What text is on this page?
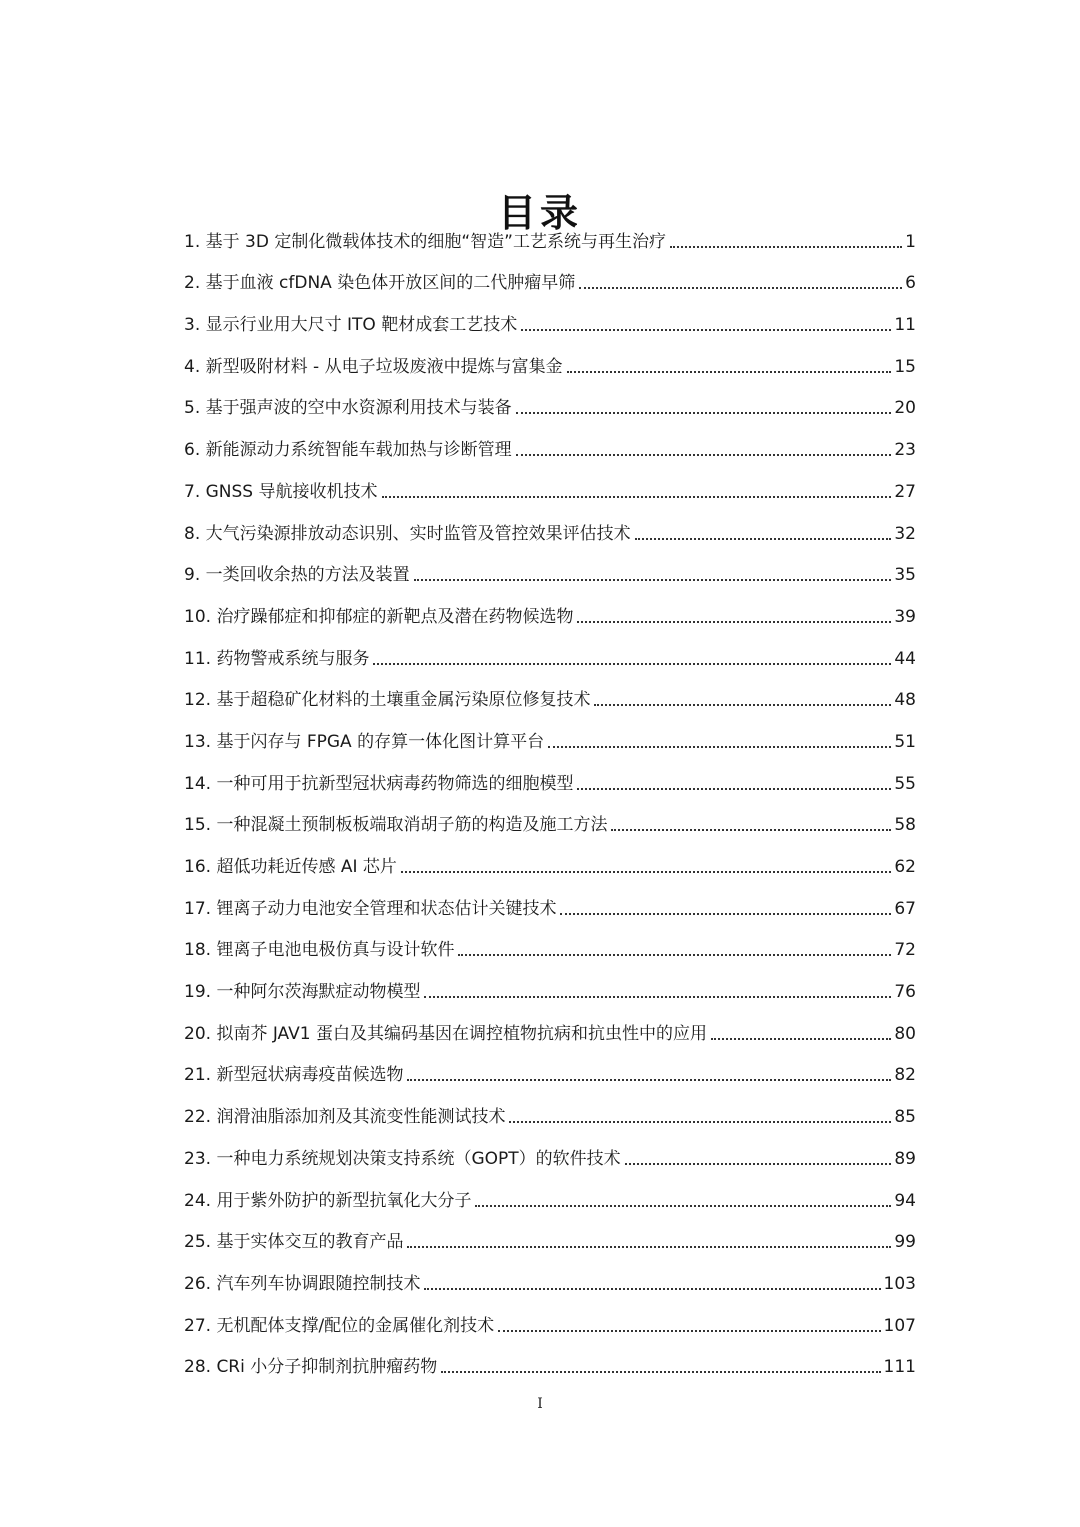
目录
1. 基于 3D 定制化微载体技术的细胞“智造”工艺系统与再生治疗	1
2. 基于血液 cfDNA 染色体开放区间的二代肿瘤早筛	6
3. 显示行业用大尺寸 ITO 靶材成套工艺技术	11
4. 新型吸附材料 - 从电子垃圾废液中提炼与富集金	15
5. 基于强声波的空中水资源利用技术与装备	20
6. 新能源动力系统智能车载加热与诊断管理	23
7. GNSS 导航接收机技术	27
8. 大气污染源排放动态识别、实时监管及管控效果评估技术	32
9. 一类回收余热的方法及装置	35
10. 治疗躁郁症和抑郁症的新靶点及潜在药物候选物	39
11. 药物警戒系统与服务	44
12. 基于超稳矿化材料的土壤重金属污染原位修复技术	48
13. 基于闪存与 FPGA 的存算一体化图计算平台	51
14. 一种可用于抗新型冠状病毒药物筛选的细胞模型	55
15. 一种混凝土预制板板端取消胡子筋的构造及施工方法	58
16. 超低功耗近传感 AI 芯片	62
17. 锂离子动力电池安全管理和状态估计关键技术	67
18. 锂离子电池电极仿真与设计软件	72
19. 一种阿尔茨海默症动物模型	76
20. 拟南芥 JAV1 蛋白及其编码基因在调控植物抗病和抗虫性中的应用	80
21. 新型冠状病毒疫苗候选物	82
22. 润滑油脂添加剂及其流变性能测试技术	85
23. 一种电力系统规划决策支持系统（GOPT）的软件技术	89
24. 用于紫外防护的新型抗氧化大分子	94
25. 基于实体交互的教育产品	99
26. 汽车列车协调跟随控制技术	103
27. 无机配体支撑/配位的金属催化剂技术	107
28. CRi 小分子抑制剂抗肿瘤药物	111
I
